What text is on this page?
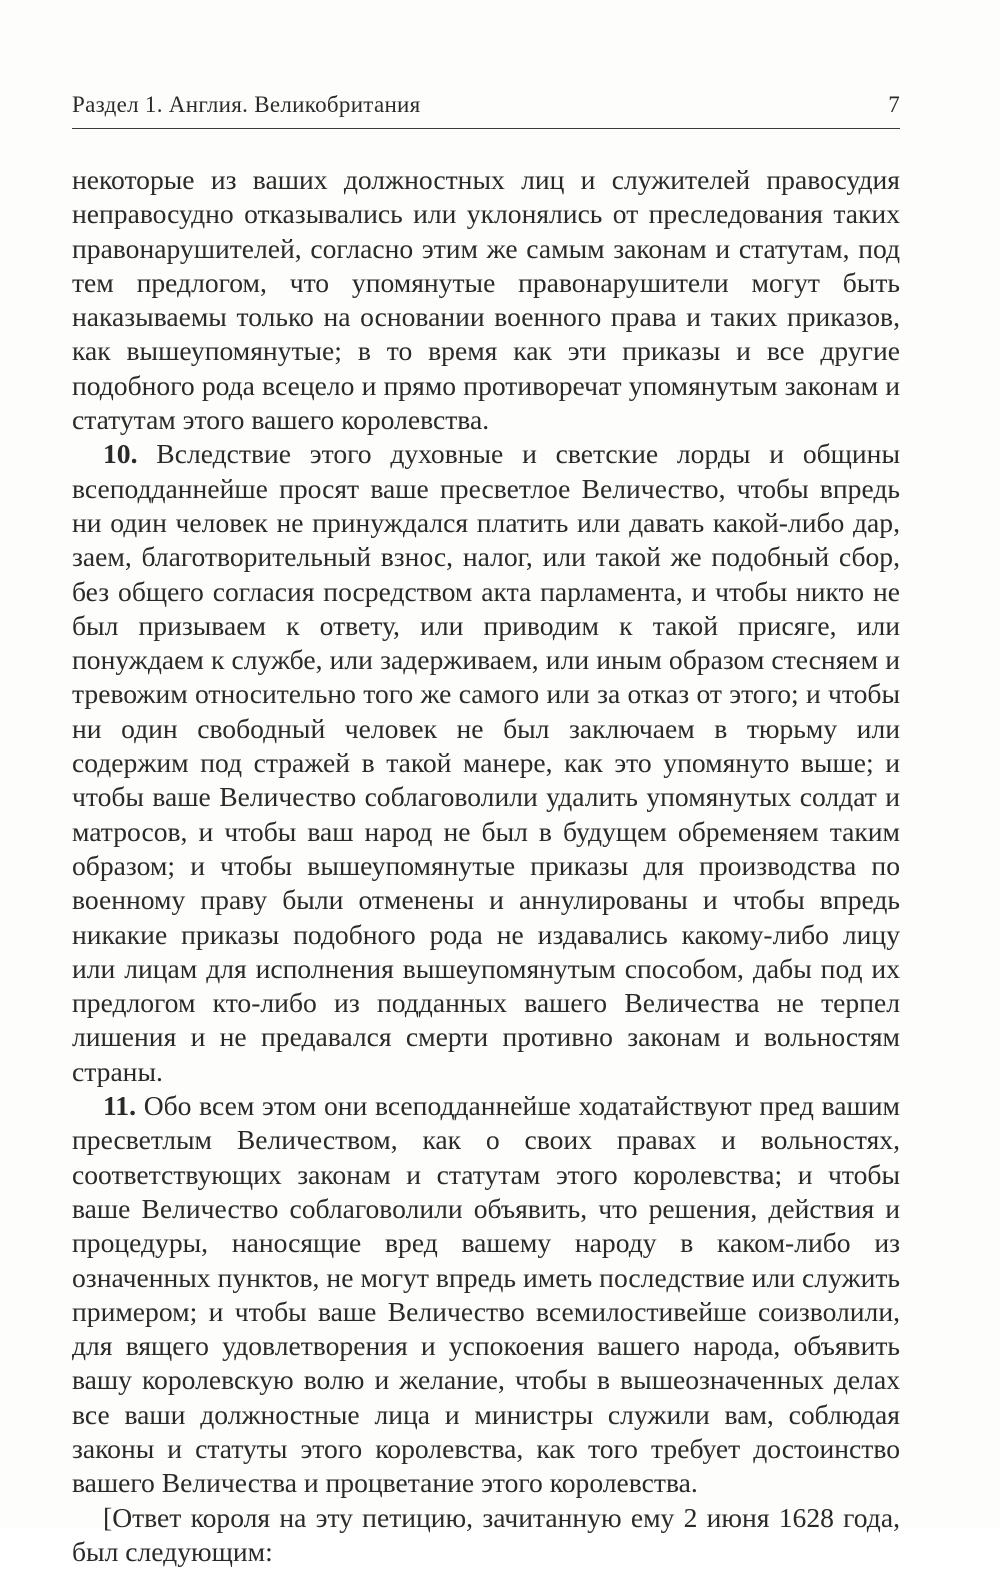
Раздел 1. Англия. Великобритания	7

некоторые из ваших должностных лиц и служителей правосудия неправосудно отказывались или уклонялись от преследования таких правонарушителей, согласно этим же самым законам и статутам, под тем предлогом, что упомянутые правонарушители могут быть наказываемы только на основании военного права и таких приказов, как вышеупомянутые; в то время как эти приказы и все другие подобного рода всецело и прямо противоречат упомянутым законам и статутам этого вашего королевства.

10. Вследствие этого духовные и светские лорды и общины всеподданнейше просят ваше пресветлое Величество, чтобы впредь ни один человек не принуждался платить или давать какой-либо дар, заем, благотворительный взнос, налог, или такой же подобный сбор, без общего согласия посредством акта парламента, и чтобы никто не был призываем к ответу, или приводим к такой присяге, или понуждаем к службе, или задерживаем, или иным образом стесняем и тревожим относительно того же самого или за отказ от этого; и чтобы ни один свободный человек не был заключаем в тюрьму или содержим под стражей в такой манере, как это упомянуто выше; и чтобы ваше Величество соблаговолили удалить упомянутых солдат и матросов, и чтобы ваш народ не был в будущем обременяем таким образом; и чтобы вышеупомянутые приказы для производства по военному праву были отменены и аннулированы и чтобы впредь никакие приказы подобного рода не издавались какому-либо лицу или лицам для исполнения вышеупомянутым способом, дабы под их предлогом кто-либо из подданных вашего Величества не терпел лишения и не предавался смерти противно законам и вольностям страны.

11. Обо всем этом они всеподданнейше ходатайствуют пред вашим пресветлым Величеством, как о своих правах и вольностях, соответствующих законам и статутам этого королевства; и чтобы ваше Величество соблаговолили объявить, что решения, действия и процедуры, наносящие вред вашему народу в каком-либо из означенных пунктов, не могут впредь иметь последствие или служить примером; и чтобы ваше Величество всемилостивейше соизволили, для вящего удовлетворения и успокоения вашего народа, объявить вашу королевскую волю и желание, чтобы в вышеозначенных делах все ваши должностные лица и министры служили вам, соблюдая законы и статуты этого королевства, как того требует достоинство вашего Величества и процветание этого королевства.

[Ответ короля на эту петицию, зачитанную ему 2 июня 1628 года, был следующим:
